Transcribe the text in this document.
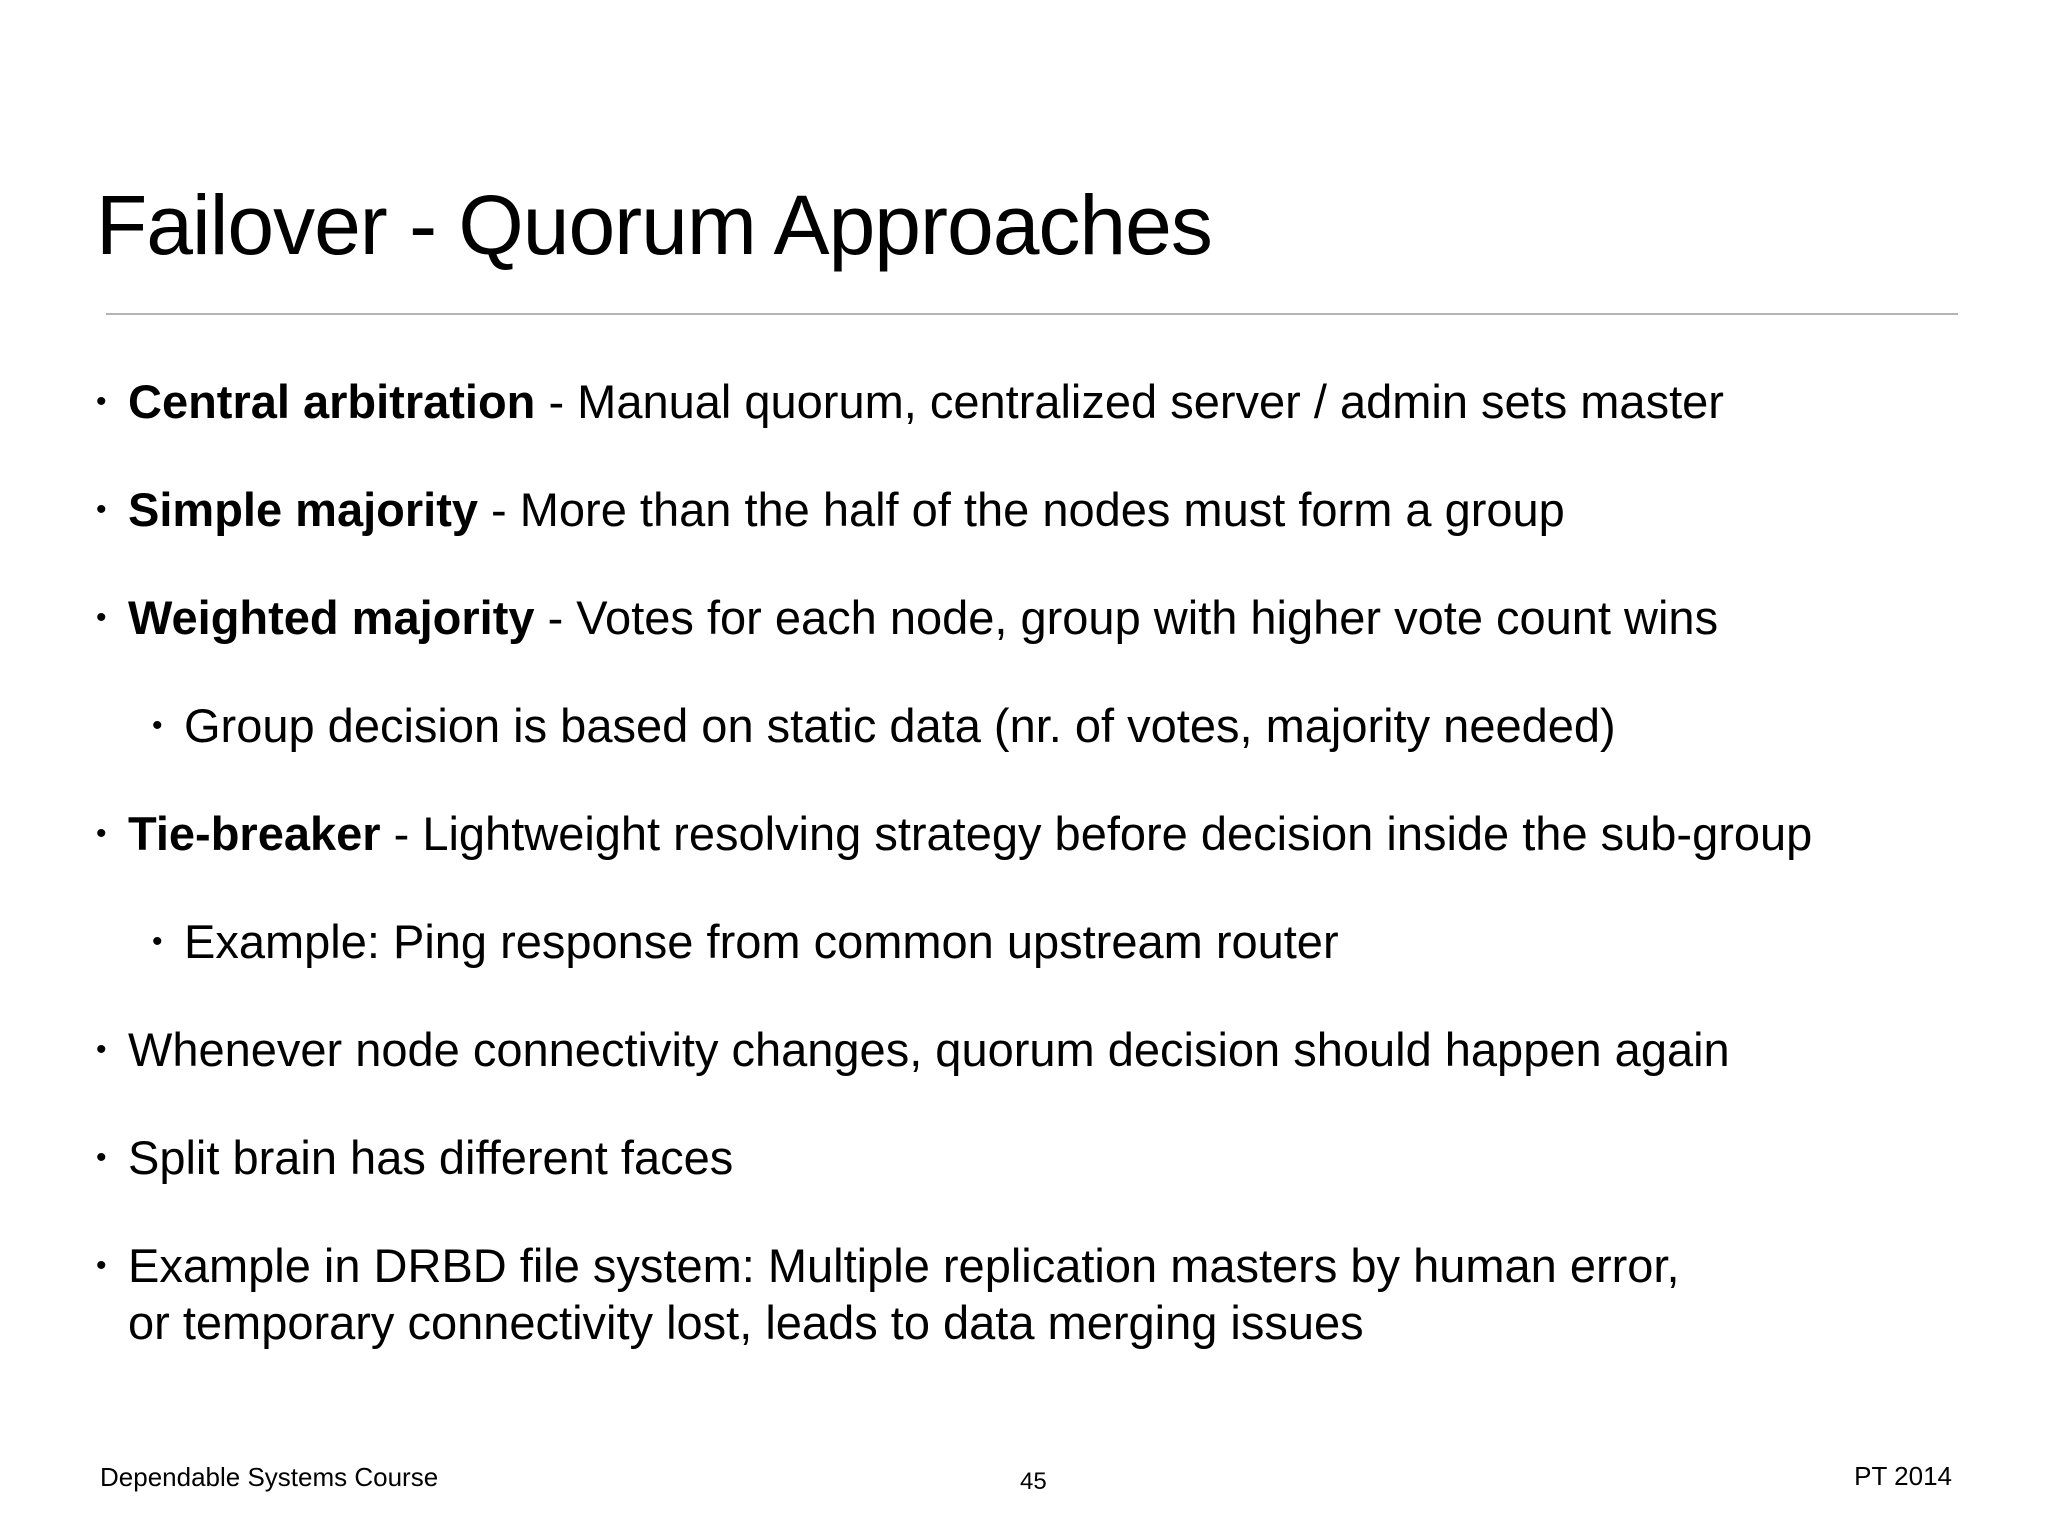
Failover - Quorum Approaches
• Central arbitration - Manual quorum, centralized server / admin sets master
• Simple majority - More than the half of the nodes must form a group
• Weighted majority - Votes for each node, group with higher vote count wins
• Group decision is based on static data (nr. of votes, majority needed)
• Tie-breaker - Lightweight resolving strategy before decision inside the sub-group
• Example: Ping response from common upstream router
• Whenever node connectivity changes, quorum decision should happen again
• Split brain has different faces
• Example in DRBD file system: Multiple replication masters by human error,
or temporary connectivity lost, leads to data merging issues
Dependable Systems Course	45	PT 2014
